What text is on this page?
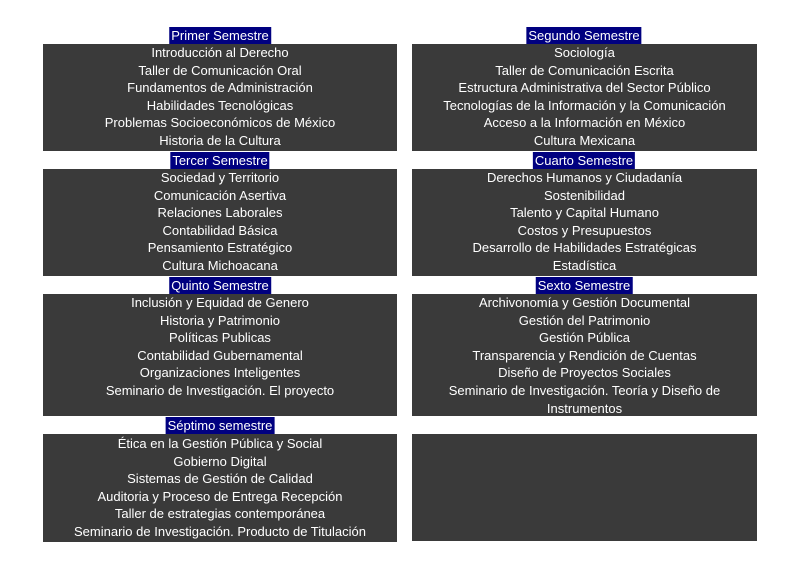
Primer Semestre
Introducción al Derecho
Taller de Comunicación Oral
Fundamentos de Administración
Habilidades Tecnológicas
Problemas Socioeconómicos de México
Historia de la Cultura
Segundo Semestre
Sociología
Taller de Comunicación Escrita
Estructura Administrativa del Sector Público
Tecnologías de la Información y la Comunicación
Acceso a la Información en México
Cultura Mexicana
Tercer Semestre
Sociedad y Territorio
Comunicación Asertiva
Relaciones Laborales
Contabilidad Básica
Pensamiento Estratégico
Cultura Michoacana
Cuarto Semestre
Derechos Humanos y Ciudadanía
Sostenibilidad
Talento y Capital Humano
Costos y Presupuestos
Desarrollo de Habilidades Estratégicas
Estadística
Quinto Semestre
Inclusión y Equidad de Genero
Historia y Patrimonio
Políticas Publicas
Contabilidad Gubernamental
Organizaciones Inteligentes
Seminario de Investigación. El proyecto
Sexto Semestre
Archivonomía y Gestión Documental
Gestión del Patrimonio
Gestión Pública
Transparencia y Rendición de Cuentas
Diseño de Proyectos Sociales
Seminario de Investigación. Teoría y Diseño de Instrumentos
Séptimo semestre
Ética en la Gestión Pública y Social
Gobierno Digital
Sistemas de Gestión de Calidad
Auditoria y Proceso de Entrega Recepción
Taller de estrategias contemporánea
Seminario de Investigación. Producto de Titulación
